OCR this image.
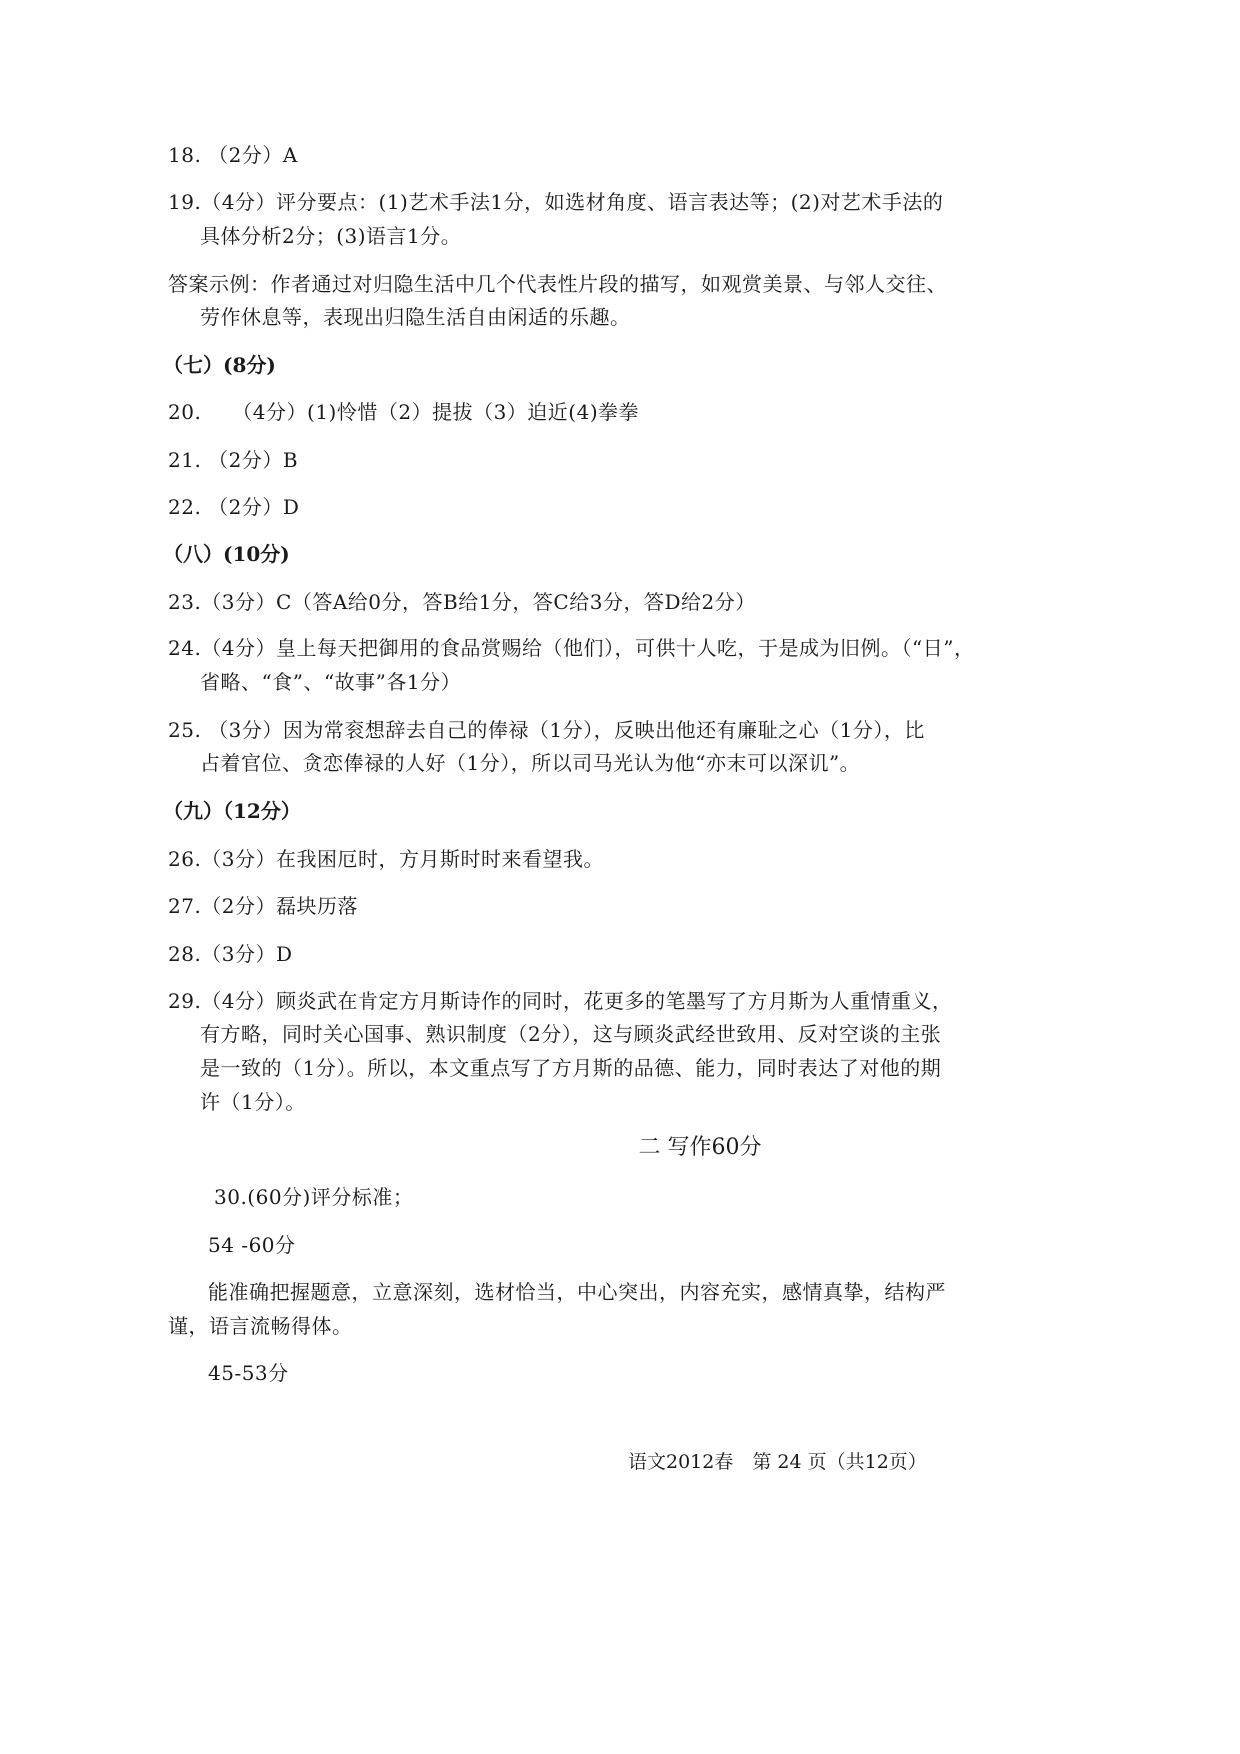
18. （2分）A
19.（4分）评分要点：(1)艺术手法1分，如选材角度、语言表达等；(2)对艺术手法的
具体分析2分；(3)语言1分。
答案示例：作者通过对归隐生活中几个代表性片段的描写，如观赏美景、与邻人交往、
劳作休息等，表现出归隐生活自由闲适的乐趣。
（七）(8分)
20.　　（4分）(1)怜惜（2）提拔（3）迫近(4)拳拳
21. （2分）B
22. （2分）D
（八）(10分)
23.（3分）C（答A给0分，答B给1分，答C给3分，答D给2分）
24.（4分）皇上每天把御用的食品赏赐给（他们），可供十人吃，于是成为旧例。（“日”，
省略、“食”、“故事”各1分）
25. （3分）因为常衮想辞去自己的俸禄（1分），反映出他还有廉耻之心（1分），比
占着官位、贪恋俸禄的人好（1分），所以司马光认为他“亦末可以深讥”。
（九）（12分）
26.（3分）在我困厄时，方月斯时时来看望我。
27.（2分）磊块历落
28.（3分）D
29.（4分）顾炎武在肯定方月斯诗作的同时，花更多的笔墨写了方月斯为人重情重义，
有方略，同时关心国事、熟识制度（2分），这与顾炎武经世致用、反对空谈的主张
是一致的（1分）。所以，本文重点写了方月斯的品德、能力，同时表达了对他的期
许（1分）。
二 写作60分
30.(60分)评分标准；
54 -60分
能准确把握题意，立意深刻，选材恰当，中心突出，内容充实，感情真挚，结构严
谨，语言流畅得体。
45-53分
语文2012春　第 24 页（共12页）
